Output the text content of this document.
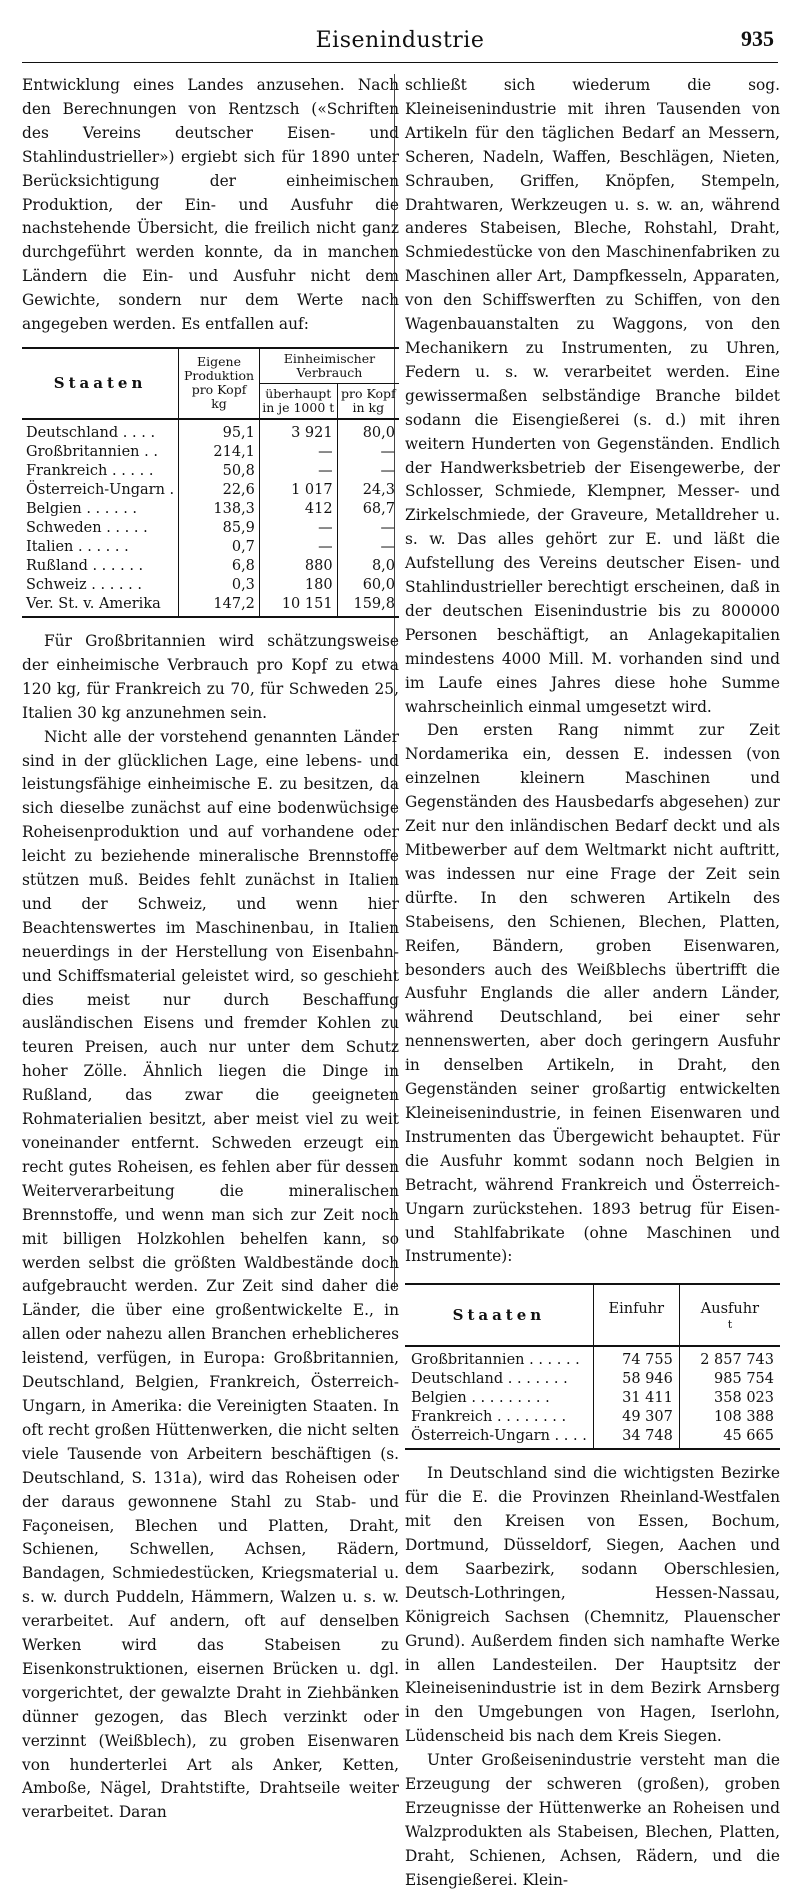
Eisenindustrie	935

Entwicklung eines Landes anzusehen. Nach den Berechnungen von Rentzsch («Schriften des Vereins deutscher Eisen- und Stahlindustrieller») ergiebt sich für 1890 unter Berücksichtigung der einheimischen Produktion, der Ein- und Ausfuhr die nachstehende Übersicht, die freilich nicht ganz durchgeführt werden konnte, da in manchen Ländern die Ein- und Ausfuhr nicht dem Gewichte, sondern nur dem Werte nach angegeben werden. Es entfallen auf:

Staaten	Eigene Produktion pro Kopf kg	Einheimischer Verbrauch	
		überhaupt in je 1000 t	pro Kopf in kg
Deutschland . . . .	95,1	3 921	80,0
Großbritannien . .	214,1	—	—
Frankreich . . . . .	50,8	—	—
Österreich-Ungarn .	22,6	1 017	24,3
Belgien . . . . . .	138,3	412	68,7
Schweden . . . . .	85,9	—	—
Italien . . . . . .	0,7	—	—
Rußland . . . . . .	6,8	880	8,0
Schweiz . . . . . .	0,3	180	60,0
Ver. St. v. Amerika	147,2	10 151	159,8

Für Großbritannien wird schätzungsweise der einheimische Verbrauch pro Kopf zu etwa 120 kg, für Frankreich zu 70, für Schweden 25, Italien 30 kg anzunehmen sein.

Nicht alle der vorstehend genannten Länder sind in der glücklichen Lage, eine lebens- und leistungsfähige einheimische E. zu besitzen, da sich dieselbe zunächst auf eine bodenwüchsige Roheisenproduktion und auf vorhandene oder leicht zu beziehende mineralische Brennstoffe stützen muß. Beides fehlt zunächst in Italien und der Schweiz, und wenn hier Beachtenswertes im Maschinenbau, in Italien neuerdings in der Herstellung von Eisenbahn- und Schiffsmaterial geleistet wird, so geschieht dies meist nur durch Beschaffung ausländischen Eisens und fremder Kohlen zu teuren Preisen, auch nur unter dem Schutz hoher Zölle. Ähnlich liegen die Dinge in Rußland, das zwar die geeigneten Rohmaterialien besitzt, aber meist viel zu weit voneinander entfernt. Schweden erzeugt ein recht gutes Roheisen, es fehlen aber für dessen Weiterverarbeitung die mineralischen Brennstoffe, und wenn man sich zur Zeit noch mit billigen Holzkohlen behelfen kann, so werden selbst die größten Waldbestände doch aufgebraucht werden. Zur Zeit sind daher die Länder, die über eine großentwickelte E., in allen oder nahezu allen Branchen erheblicheres leistend, verfügen, in Europa: Großbritannien, Deutschland, Belgien, Frankreich, Österreich-Ungarn, in Amerika: die Vereinigten Staaten. In oft recht großen Hüttenwerken, die nicht selten viele Tausende von Arbeitern beschäftigen (s. Deutschland, S. 131a), wird das Roheisen oder der daraus gewonnene Stahl zu Stab- und Façoneisen, Blechen und Platten, Draht, Schienen, Schwellen, Achsen, Rädern, Bandagen, Schmiedestücken, Kriegsmaterial u. s. w. durch Puddeln, Hämmern, Walzen u. s. w. verarbeitet. Auf andern, oft auf denselben Werken wird das Stabeisen zu Eisenkonstruktionen, eisernen Brücken u. dgl. vorgerichtet, der gewalzte Draht in Ziehbänken dünner gezogen, das Blech verzinkt oder verzinnt (Weißblech), zu groben Eisenwaren von hunderterlei Art als Anker, Ketten, Amboße, Nägel, Drahtstifte, Drahtseile weiter verarbeitet. Daran

schließt sich wiederum die sog. Kleineisenindustrie mit ihren Tausenden von Artikeln für den täglichen Bedarf an Messern, Scheren, Nadeln, Waffen, Beschlägen, Nieten, Schrauben, Griffen, Knöpfen, Stempeln, Drahtwaren, Werkzeugen u. s. w. an, während anderes Stabeisen, Bleche, Rohstahl, Draht, Schmiedestücke von den Maschinenfabriken zu Maschinen aller Art, Dampfkesseln, Apparaten, von den Schiffswerften zu Schiffen, von den Wagenbauanstalten zu Waggons, von den Mechanikern zu Instrumenten, zu Uhren, Federn u. s. w. verarbeitet werden. Eine gewissermaßen selbständige Branche bildet sodann die Eisengießerei (s. d.) mit ihren weitern Hunderten von Gegenständen. Endlich der Handwerksbetrieb der Eisengewerbe, der Schlosser, Schmiede, Klempner, Messer- und Zirkelschmiede, der Graveure, Metalldreher u. s. w. Das alles gehört zur E. und läßt die Aufstellung des Vereins deutscher Eisen- und Stahlindustrieller berechtigt erscheinen, daß in der deutschen Eisenindustrie bis zu 800000 Personen beschäftigt, an Anlagekapitalien mindestens 4000 Mill. M. vorhanden sind und im Laufe eines Jahres diese hohe Summe wahrscheinlich einmal umgesetzt wird.

Den ersten Rang nimmt zur Zeit Nordamerika ein, dessen E. indessen (von einzelnen kleinern Maschinen und Gegenständen des Hausbedarfs abgesehen) zur Zeit nur den inländischen Bedarf deckt und als Mitbewerber auf dem Weltmarkt nicht auftritt, was indessen nur eine Frage der Zeit sein dürfte. In den schweren Artikeln des Stabeisens, den Schienen, Blechen, Platten, Reifen, Bändern, groben Eisenwaren, besonders auch des Weißblechs übertrifft die Ausfuhr Englands die aller andern Länder, während Deutschland, bei einer sehr nennenswerten, aber doch geringern Ausfuhr in denselben Artikeln, in Draht, den Gegenständen seiner großartig entwickelten Kleineisenindustrie, in feinen Eisenwaren und Instrumenten das Übergewicht behauptet. Für die Ausfuhr kommt sodann noch Belgien in Betracht, während Frankreich und Österreich-Ungarn zurückstehen. 1893 betrug für Eisen- und Stahlfabrikate (ohne Maschinen und Instrumente):

Staaten	Einfuhr	Ausfuhr
t

Großbritannien . . . . . .	74 755	2 857 743
Deutschland . . . . . . .	58 946	985 754
Belgien . . . . . . . . .	31 411	358 023
Frankreich . . . . . . . .	49 307	108 388
Österreich-Ungarn . . . .	34 748	45 665

In Deutschland sind die wichtigsten Bezirke für die E. die Provinzen Rheinland-Westfalen mit den Kreisen von Essen, Bochum, Dortmund, Düsseldorf, Siegen, Aachen und dem Saarbezirk, sodann Oberschlesien, Deutsch-Lothringen, Hessen-Nassau, Königreich Sachsen (Chemnitz, Plauenscher Grund). Außerdem finden sich namhafte Werke in allen Landesteilen. Der Hauptsitz der Kleineisenindustrie ist in dem Bezirk Arnsberg in den Umgebungen von Hagen, Iserlohn, Lüdenscheid bis nach dem Kreis Siegen.

Unter Großeisenindustrie versteht man die Erzeugung der schweren (großen), groben Erzeugnisse der Hüttenwerke an Roheisen und Walzprodukten als Stabeisen, Blechen, Platten, Draht, Schienen, Achsen, Rädern, und die Eisengießerei. Klein-
